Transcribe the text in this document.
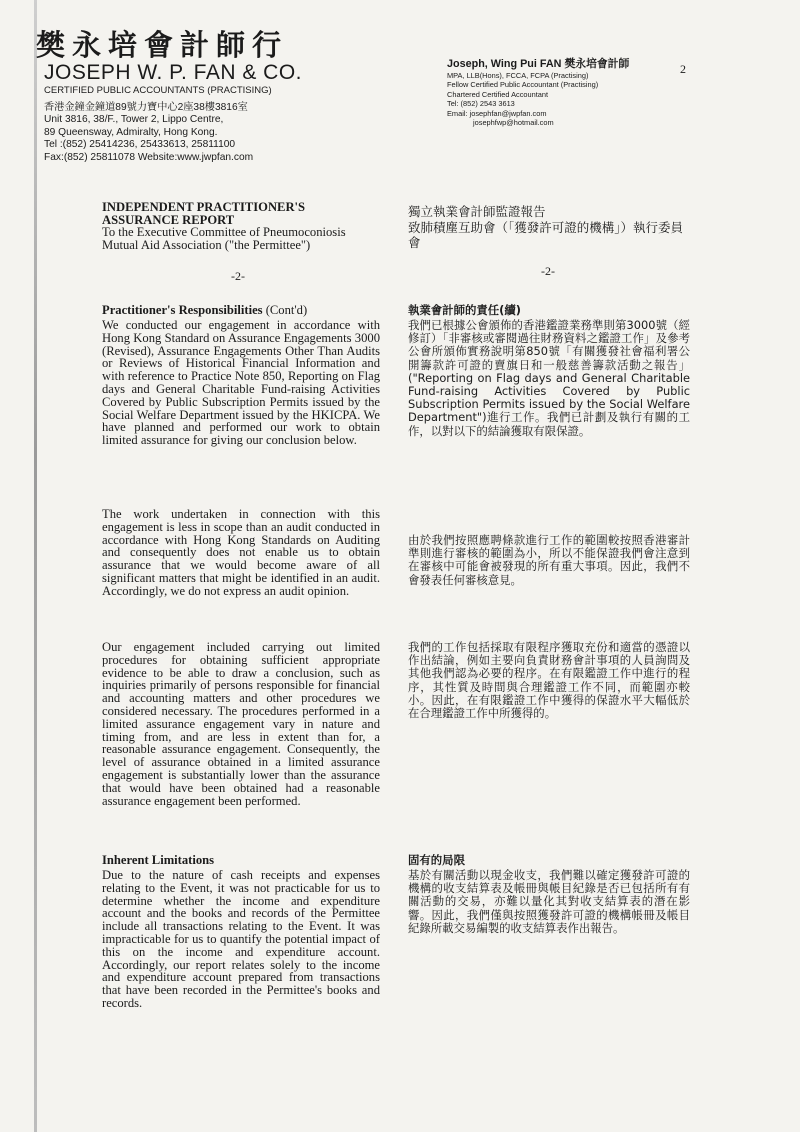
樊永培會計師行
JOSEPH W. P. FAN & CO.
CERTIFIED PUBLIC ACCOUNTANTS (PRACTISING)
香港金鐘金鐘道89號力寶中心2座38樓3816室
Unit 3816, 38/F., Tower 2, Lippo Centre,
89 Queensway, Admiralty, Hong Kong.
Tel :(852) 25414236, 25433613, 25811100
Fax:(852) 25811078 Website:www.jwpfan.com
Joseph, Wing Pui FAN 樊永培會計師
MPA, LLB(Hons), FCCA, FCPA (Practising)
Fellow Certified Public Accountant (Practising)
Chartered Certified Accountant
Tel: (852) 2543 3613
Email: josephfan@jwpfan.com
josephfwp@hotmail.com
2
INDEPENDENT PRACTITIONER'S
ASSURANCE REPORT

To the Executive Committee of Pneumoconiosis Mutual Aid Association ("the Permittee")

-2-
獨立執業會計師監證報告
致肺積塵互助會（「獲發許可證的機構」）執行委員會
-2-
Practitioner's Responsibilities (Cont'd)

We conducted our engagement in accordance with Hong Kong Standard on Assurance Engagements 3000 (Revised), Assurance Engagements Other Than Audits or Reviews of Historical Financial Information and with reference to Practice Note 850, Reporting on Flag days and General Charitable Fund-raising Activities Covered by Public Subscription Permits issued by the Social Welfare Department issued by the HKICPA. We have planned and performed our work to obtain limited assurance for giving our conclusion below.

The work undertaken in connection with this engagement is less in scope than an audit conducted in accordance with Hong Kong Standards on Auditing and consequently does not enable us to obtain assurance that we would become aware of all significant matters that might be identified in an audit. Accordingly, we do not express an audit opinion.

Our engagement included carrying out limited procedures for obtaining sufficient appropriate evidence to be able to draw a conclusion, such as inquiries primarily of persons responsible for financial and accounting matters and other procedures we considered necessary. The procedures performed in a limited assurance engagement vary in nature and timing from, and are less in extent than for, a reasonable assurance engagement. Consequently, the level of assurance obtained in a limited assurance engagement is substantially lower than the assurance that would have been obtained had a reasonable assurance engagement been performed.

Inherent Limitations

Due to the nature of cash receipts and expenses relating to the Event, it was not practicable for us to determine whether the income and expenditure account and the books and records of the Permittee include all transactions relating to the Event. It was impracticable for us to quantify the potential impact of this on the income and expenditure account. Accordingly, our report relates solely to the income and expenditure account prepared from transactions that have been recorded in the Permittee's books and records.

執業會計師的責任(續)

我們已根據公會頒佈的香港鑑證業務準則第3000號（經修訂）「非審核或審閱過往財務資料之鑑證工作」及參考公會所頒佈實務說明第850號「有關獲發社會福利署公開籌款許可證的賣旗日和一般慈善籌款活動之報告」("Reporting on Flag days and General Charitable Fund-raising Activities Covered by Public Subscription Permits issued by the Social Welfare Department")進行工作。我們已計劃及執行有關的工作，以對以下的結論獲取有限保證。

由於我們按照應聘條款進行工作的範圍較按照香港審計準則進行審核的範圍為小，所以不能保證我們會注意到在審核中可能會被發現的所有重大事項。因此，我們不會發表任何審核意見。

我們的工作包括採取有限程序獲取充份和適當的憑證以作出結論，例如主要向負責財務會計事項的人員詢問及其他我們認為必要的程序。在有限鑑證工作中進行的程序，其性質及時間與合理鑑證工作不同，而範圍亦較小。因此，在有限鑑證工作中獲得的保證水平大幅低於在合理鑑證工作中所獲得的。

固有的局限

基於有關活動以現金收支，我們難以確定獲發許可證的機構的收支結算表及帳冊與帳目紀錄是否已包括所有有關活動的交易，亦難以量化其對收支結算表的潛在影響。因此，我們僅與按照獲發許可證的機構帳冊及帳目紀錄所載交易編製的收支結算表作出報告。
